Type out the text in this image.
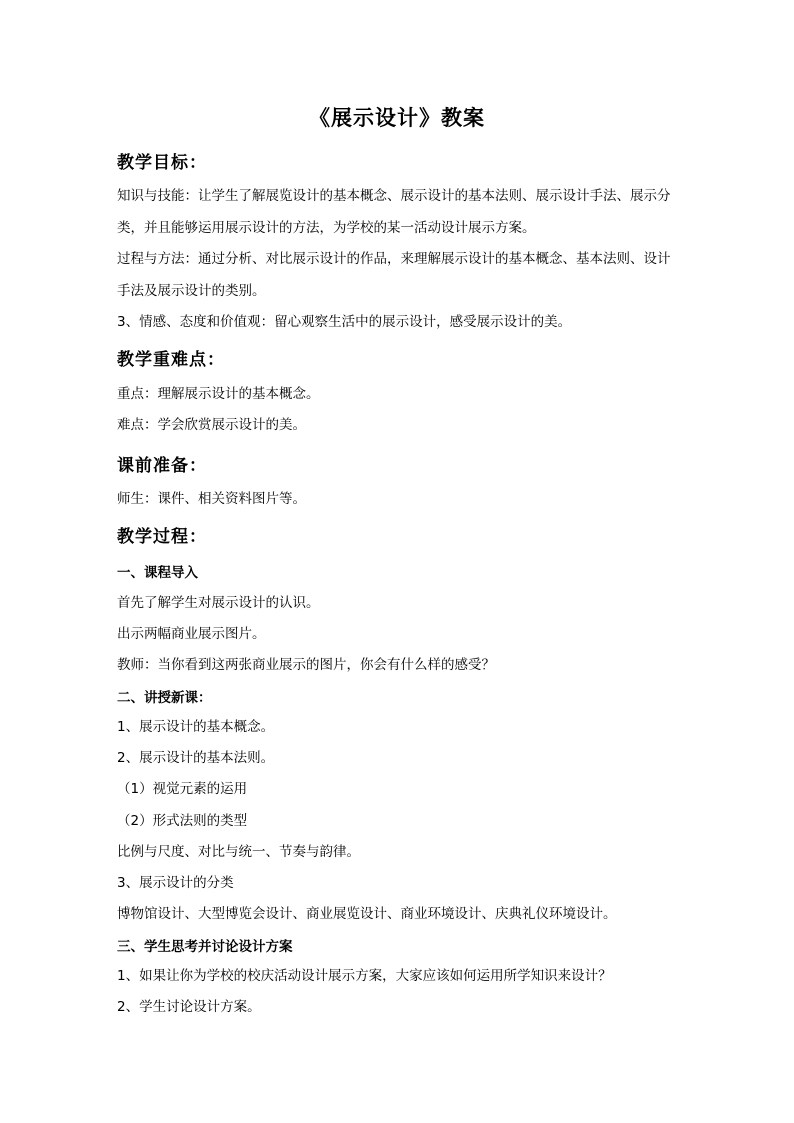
《展示设计》教案
教学目标：
知识与技能：让学生了解展览设计的基本概念、展示设计的基本法则、展示设计手法、展示分类，并且能够运用展示设计的方法，为学校的某一活动设计展示方案。
过程与方法：通过分析、对比展示设计的作品，来理解展示设计的基本概念、基本法则、设计手法及展示设计的类别。
3、情感、态度和价值观：留心观察生活中的展示设计，感受展示设计的美。
教学重难点：
重点：理解展示设计的基本概念。
难点：学会欣赏展示设计的美。
课前准备：
师生：课件、相关资料图片等。
教学过程：
一、课程导入
首先了解学生对展示设计的认识。
出示两幅商业展示图片。
教师：当你看到这两张商业展示的图片，你会有什么样的感受？
二、讲授新课：
1、展示设计的基本概念。
2、展示设计的基本法则。
（1）视觉元素的运用
（2）形式法则的类型
比例与尺度、对比与统一、节奏与韵律。
3、展示设计的分类
博物馆设计、大型博览会设计、商业展览设计、商业环境设计、庆典礼仪环境设计。
三、学生思考并讨论设计方案
1、如果让你为学校的校庆活动设计展示方案，大家应该如何运用所学知识来设计？
2、学生讨论设计方案。
